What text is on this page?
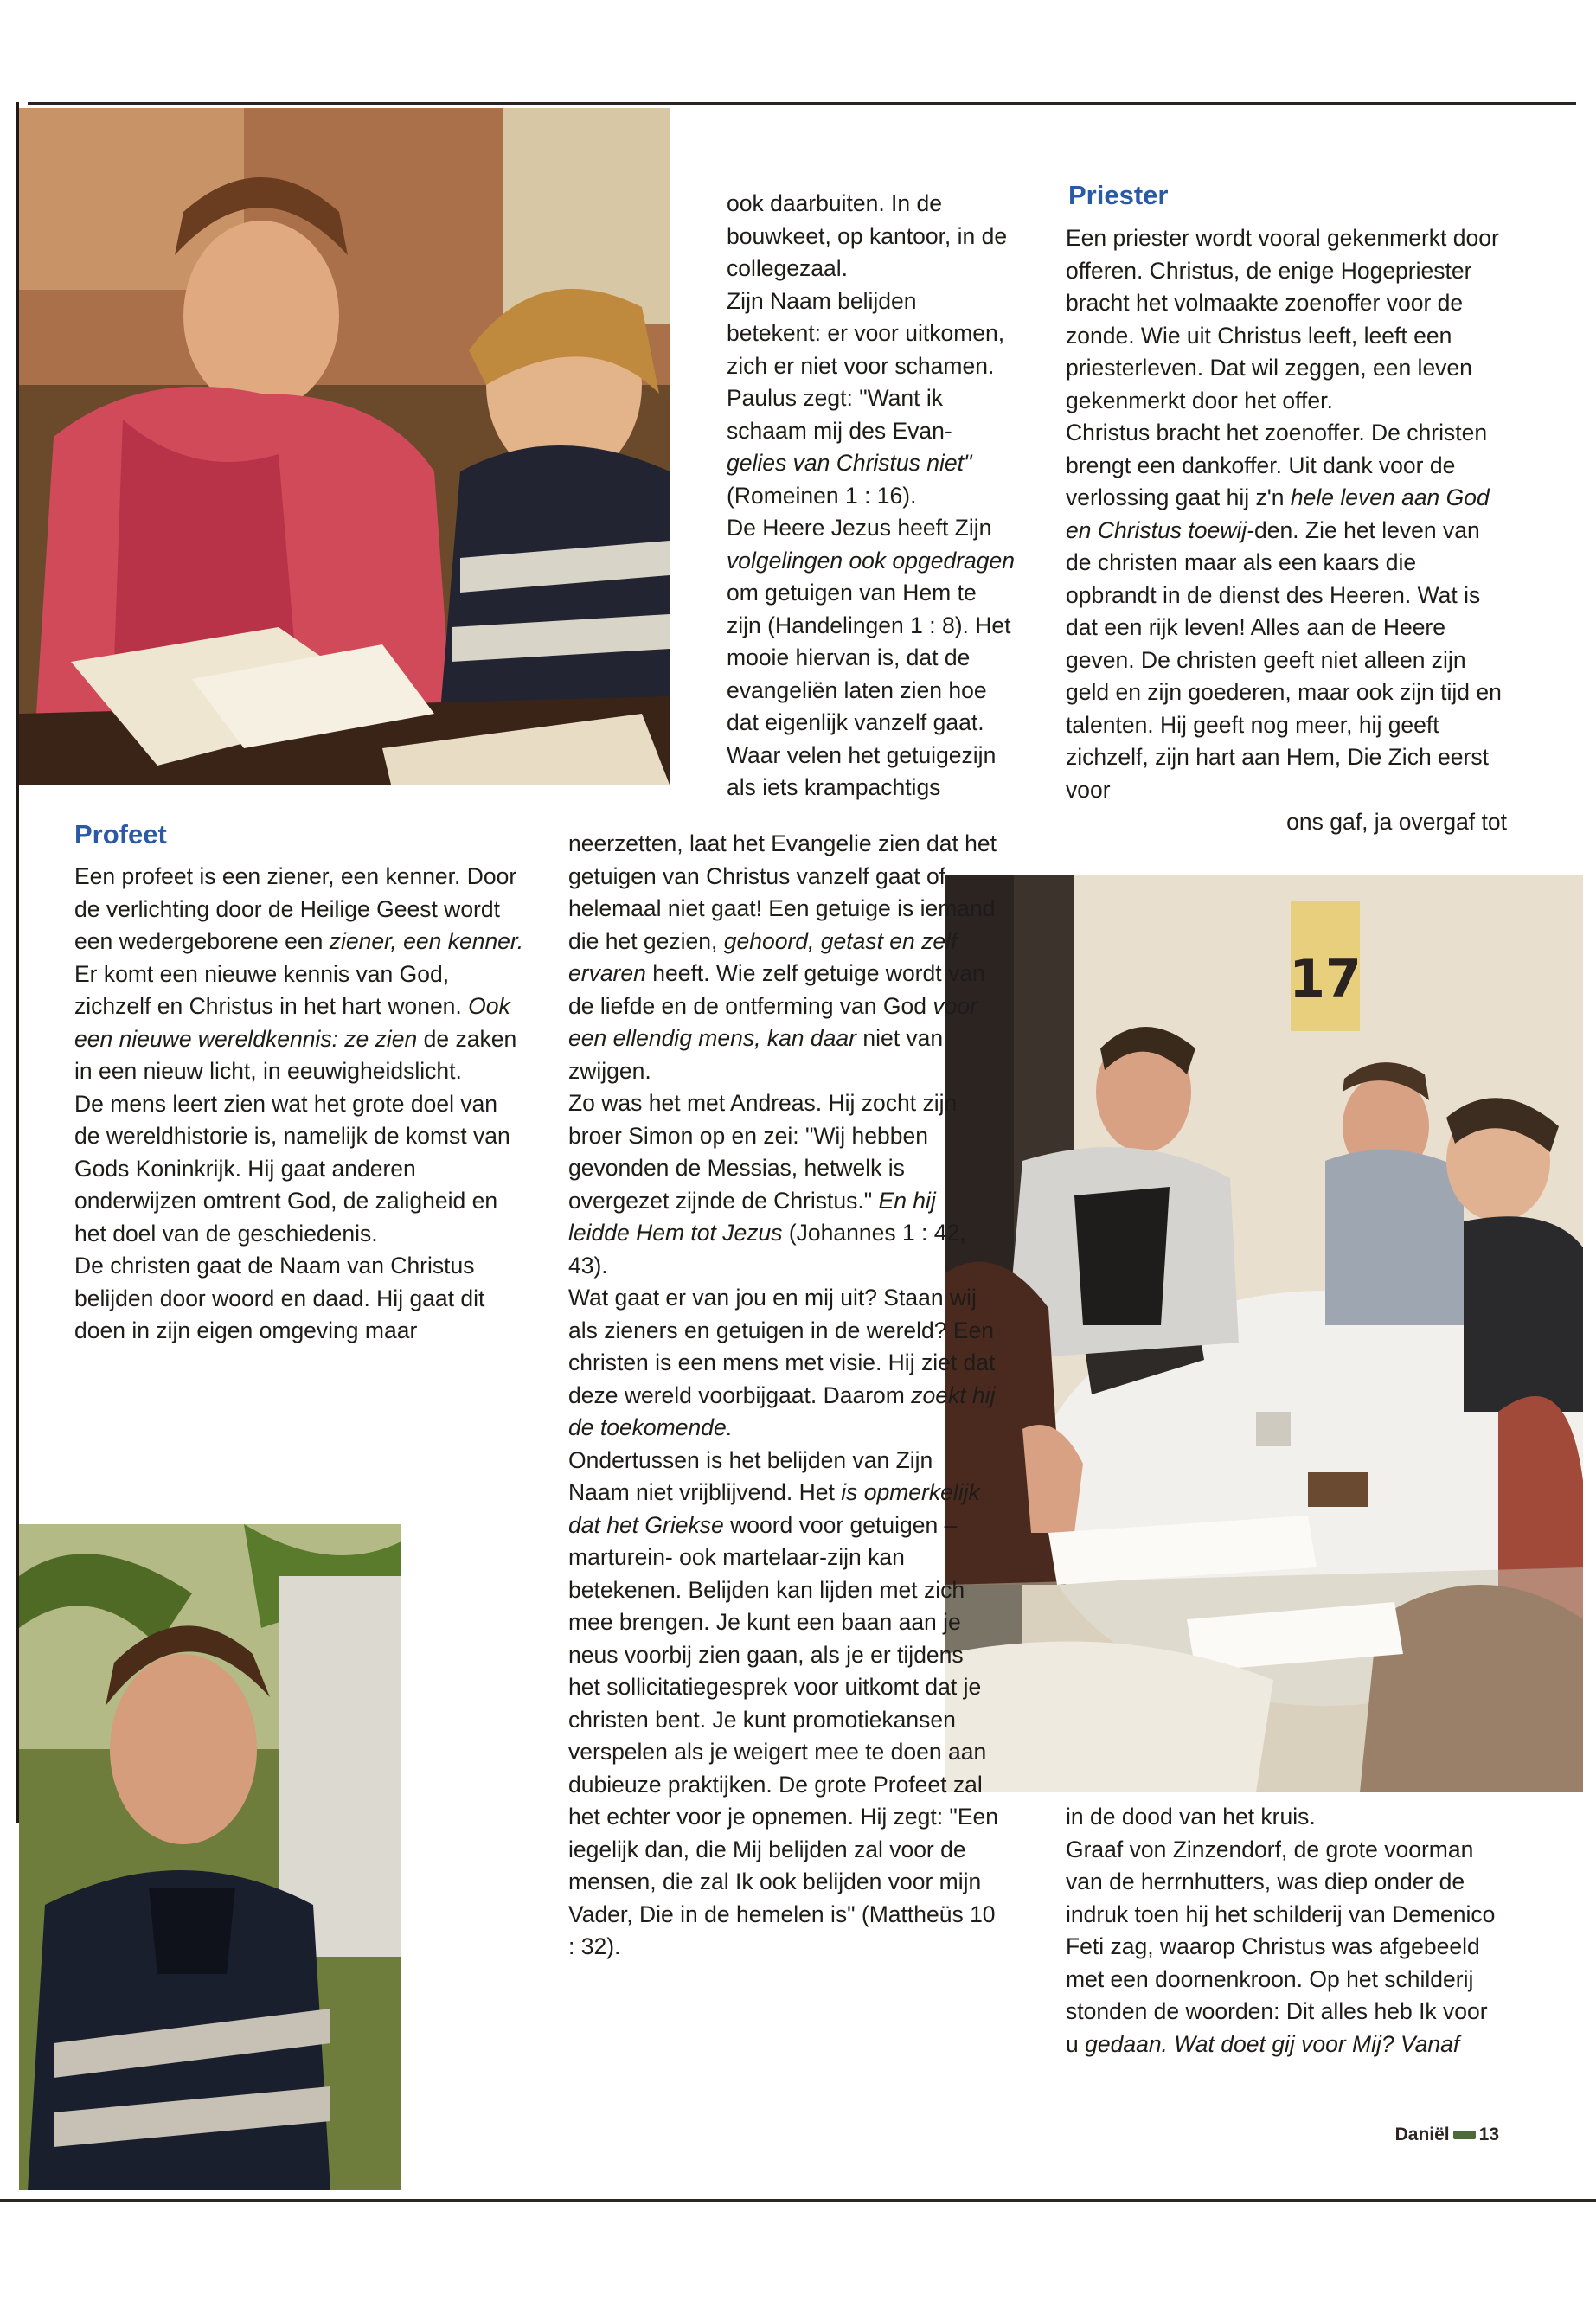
17
Profeet

Een profeet is een ziener, een kenner. Door de verlichting door de Heilige Geest wordt een wedergeborene een ziener, een kenner.

Er komt een nieuwe kennis van God, zichzelf en Christus in het hart wonen. Ook een nieuwe wereldkennis: ze zien de zaken in een nieuw licht, in eeuwigheidslicht.

De mens leert zien wat het grote doel van de wereldhistorie is, namelijk de komst van Gods Koninkrijk. Hij gaat anderen onderwijzen omtrent God, de zaligheid en het doel van de geschiedenis.

De christen gaat de Naam van Christus belijden door woord en daad. Hij gaat dit doen in zijn eigen omgeving maar

ook daarbuiten. In de bouwkeet, op kantoor, in de collegezaal.

Zijn Naam belijden betekent: er voor uitkomen, zich er niet voor schamen. Paulus zegt: "Want ik schaam mij des Evan- gelies van Christus niet" (Romeinen 1 : 16).

De Heere Jezus heeft Zijn volgelingen ook opgedragen om getuigen van Hem te zijn (Handelingen 1 : 8). Het mooie hiervan is, dat de evangeliën laten zien hoe dat eigenlijk vanzelf gaat. Waar velen het getuigezijn als iets krampachtigs

neerzetten, laat het Evangelie zien dat het getuigen van Christus vanzelf gaat of helemaal niet gaat! Een getuige is iemand die het gezien, gehoord, getast en zelf ervaren heeft. Wie zelf getuige wordt van de liefde en de ontferming van God voor een ellendig mens, kan daar niet van zwijgen.

Zo was het met Andreas. Hij zocht zijn broer Simon op en zei: "Wij hebben gevonden de Messias, hetwelk is overgezet zijnde de Christus." En hij leidde Hem tot Jezus (Johannes 1 : 42, 43).

Wat gaat er van jou en mij uit? Staan wij als zieners en getuigen in de wereld? Een christen is een mens met visie. Hij ziet dat deze wereld voorbijgaat. Daarom zoekt hij de toekomende.

Ondertussen is het belijden van Zijn Naam niet vrijblijvend. Het is opmerkelijk dat het Griekse woord voor getuigen –marturein- ook martelaar-zijn kan betekenen. Belijden kan lijden met zich mee brengen. Je kunt een baan aan je neus voorbij zien gaan, als je er tijdens het sollicitatiegesprek voor uitkomt dat je christen bent. Je kunt promotiekansen verspelen als je weigert mee te doen aan dubieuze praktijken. De grote Profeet zal het echter voor je opnemen. Hij zegt: "Een iegelijk dan, die Mij belijden zal voor de mensen, die zal Ik ook belijden voor mijn Vader, Die in de hemelen is" (Mattheüs 10 : 32).

Priester

Een priester wordt vooral gekenmerkt door offeren. Christus, de enige Hogepriester bracht het volmaakte zoenoffer voor de zonde. Wie uit Christus leeft, leeft een priesterleven. Dat wil zeggen, een leven gekenmerkt door het offer.

Christus bracht het zoenoffer. De christen brengt een dankoffer. Uit dank voor de verlossing gaat hij z'n hele leven aan God en Christus toewij-den. Zie het leven van de christen maar als een kaars die opbrandt in de dienst des Heeren. Wat is dat een rijk leven! Alles aan de Heere geven. De christen geeft niet alleen zijn geld en zijn goederen, maar ook zijn tijd en talenten. Hij geeft nog meer, hij geeft zichzelf, zijn hart aan Hem, Die Zich eerst voor

ons gaf, ja overgaf tot

in de dood van het kruis.

Graaf von Zinzendorf, de grote voorman van de herrnhutters, was diep onder de indruk toen hij het schilderij van Demenico Feti zag, waarop Christus was afgebeeld met een doornenkroon. Op het schilderij stonden de woorden: Dit alles heb Ik voor u gedaan. Wat doet gij voor Mij? Vanaf

Daniël 13
